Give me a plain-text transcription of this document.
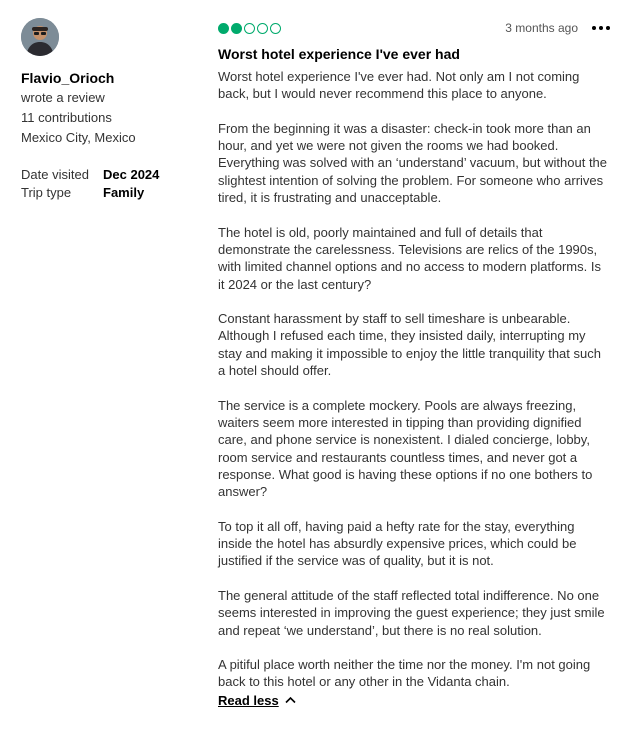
Flavio_Orioch
wrote a review
11 contributions
Mexico City, Mexico
Date visited	Dec 2024
Trip type	Family
3 months ago
Worst hotel experience I've ever had

Worst hotel experience I've ever had. Not only am I not coming back, but I would never recommend this place to anyone.

From the beginning it was a disaster: check-in took more than an hour, and yet we were not given the rooms we had booked. Everything was solved with an ‘understand’ vacuum, but without the slightest intention of solving the problem. For someone who arrives tired, it is frustrating and unacceptable.

The hotel is old, poorly maintained and full of details that demonstrate the carelessness. Televisions are relics of the 1990s, with limited channel options and no access to modern platforms. Is it 2024 or the last century?

Constant harassment by staff to sell timeshare is unbearable. Although I refused each time, they insisted daily, interrupting my stay and making it impossible to enjoy the little tranquility that such a hotel should offer.

The service is a complete mockery. Pools are always freezing, waiters seem more interested in tipping than providing dignified care, and phone service is nonexistent. I dialed concierge, lobby, room service and restaurants countless times, and never got a response. What good is having these options if no one bothers to answer?

To top it all off, having paid a hefty rate for the stay, everything inside the hotel has absurdly expensive prices, which could be justified if the service was of quality, but it is not.

The general attitude of the staff reflected total indifference. No one seems interested in improving the guest experience; they just smile and repeat ‘we understand’, but there is no real solution.

A pitiful place worth neither the time nor the money. I'm not going back to this hotel or any other in the Vidanta chain.

Read less
